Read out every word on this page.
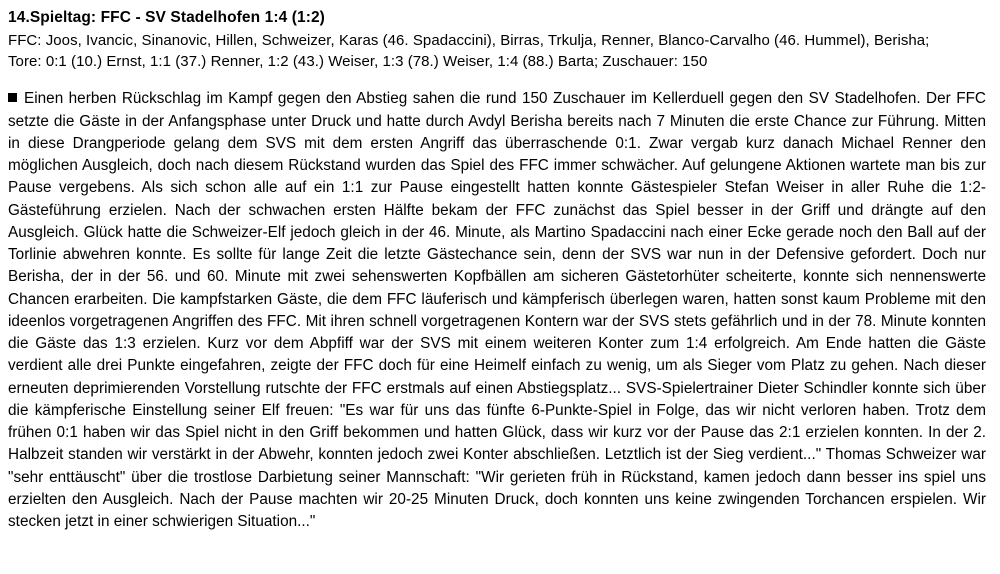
14.Spieltag: FFC - SV Stadelhofen 1:4 (1:2)

FFC: Joos, Ivancic, Sinanovic, Hillen, Schweizer, Karas (46. Spadaccini), Birras, Trkulja, Renner, Blanco-Carvalho (46. Hummel), Berisha;

Tore: 0:1 (10.) Ernst, 1:1 (37.) Renner, 1:2 (43.) Weiser, 1:3 (78.) Weiser, 1:4 (88.) Barta; Zuschauer: 150

Einen herben Rückschlag im Kampf gegen den Abstieg sahen die rund 150 Zuschauer im Kellerduell gegen den SV Stadelhofen. Der FFC setzte die Gäste in der Anfangsphase unter Druck und hatte durch Avdyl Berisha bereits nach 7 Minuten die erste Chance zur Führung. Mitten in diese Drangperiode gelang dem SVS mit dem ersten Angriff das überraschende 0:1. Zwar vergab kurz danach Michael Renner den möglichen Ausgleich, doch nach diesem Rückstand wurden das Spiel des FFC immer schwächer. Auf gelungene Aktionen wartete man bis zur Pause vergebens. Als sich schon alle auf ein 1:1 zur Pause eingestellt hatten konnte Gästespieler Stefan Weiser in aller Ruhe die 1:2-Gästeführung erzielen. Nach der schwachen ersten Hälfte bekam der FFC zunächst das Spiel besser in der Griff und drängte auf den Ausgleich. Glück hatte die Schweizer-Elf jedoch gleich in der 46. Minute, als Martino Spadaccini nach einer Ecke gerade noch den Ball auf der Torlinie abwehren konnte. Es sollte für lange Zeit die letzte Gästechance sein, denn der SVS war nun in der Defensive gefordert. Doch nur Berisha, der in der 56. und 60. Minute mit zwei sehenswerten Kopfbällen am sicheren Gästetorhüter scheiterte, konnte sich nennenswerte Chancen erarbeiten. Die kampfstarken Gäste, die dem FFC läuferisch und kämpferisch überlegen waren, hatten sonst kaum Probleme mit den ideenlos vorgetragenen Angriffen des FFC. Mit ihren schnell vorgetragenen Kontern war der SVS stets gefährlich und in der 78. Minute konnten die Gäste das 1:3 erzielen. Kurz vor dem Abpfiff war der SVS mit einem weiteren Konter zum 1:4 erfolgreich. Am Ende hatten die Gäste verdient alle drei Punkte eingefahren, zeigte der FFC doch für eine Heimelf einfach zu wenig, um als Sieger vom Platz zu gehen. Nach dieser erneuten deprimierenden Vorstellung rutschte der FFC erstmals auf einen Abstiegsplatz... SVS-Spielertrainer Dieter Schindler konnte sich über die kämpferische Einstellung seiner Elf freuen: "Es war für uns das fünfte 6-Punkte-Spiel in Folge, das wir nicht verloren haben. Trotz dem frühen 0:1 haben wir das Spiel nicht in den Griff bekommen und hatten Glück, dass wir kurz vor der Pause das 2:1 erzielen konnten. In der 2. Halbzeit standen wir verstärkt in der Abwehr, konnten jedoch zwei Konter abschließen. Letztlich ist der Sieg verdient..." Thomas Schweizer war "sehr enttäuscht" über die trostlose Darbietung seiner Mannschaft: "Wir gerieten früh in Rückstand, kamen jedoch dann besser ins spiel uns erzielten den Ausgleich. Nach der Pause machten wir 20-25 Minuten Druck, doch konnten uns keine zwingenden Torchancen erspielen. Wir stecken jetzt in einer schwierigen Situation..."
